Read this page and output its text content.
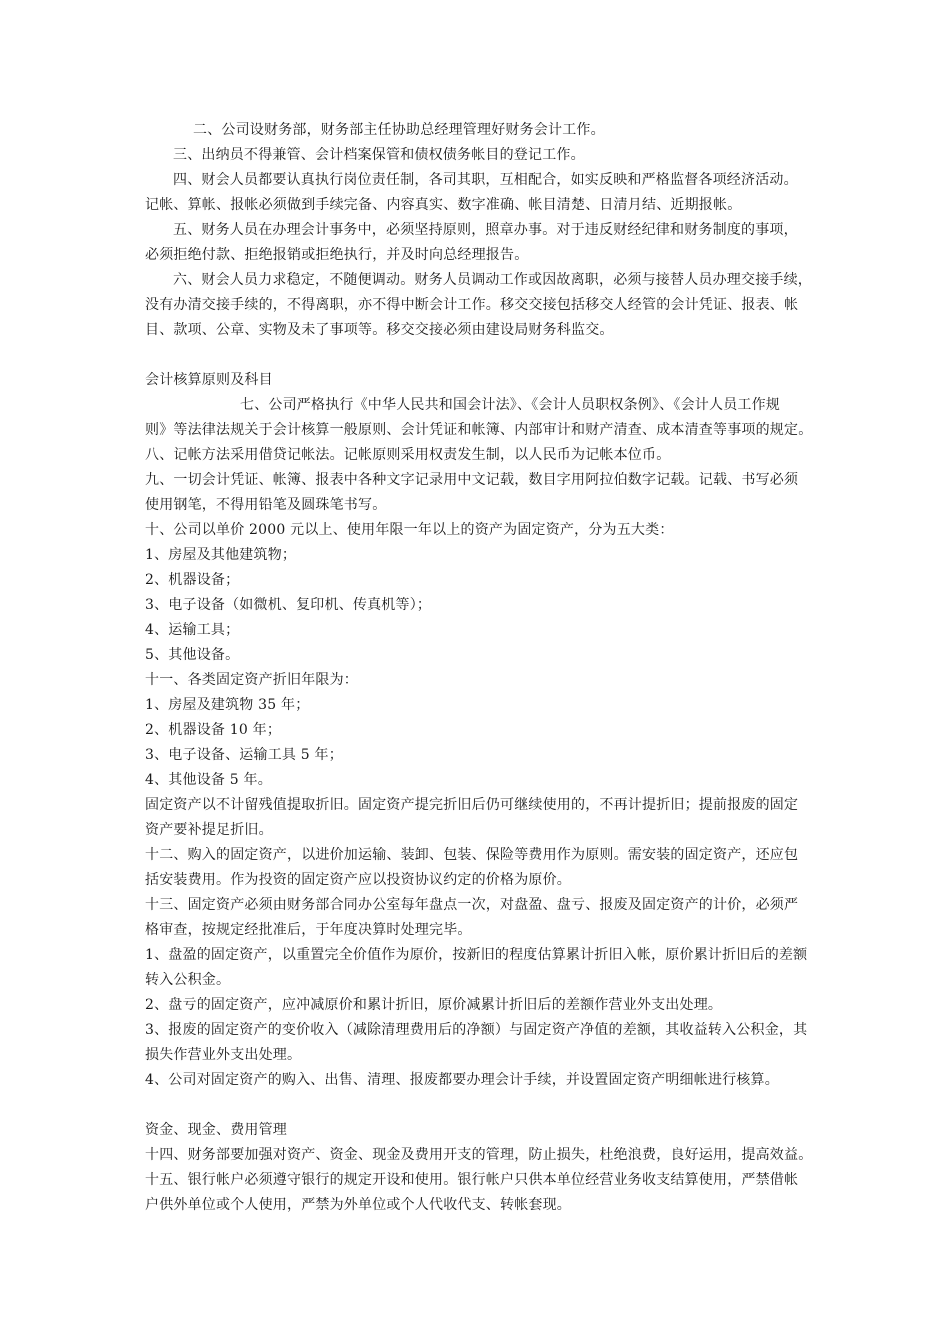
二、公司设财务部，财务部主任协助总经理管理好财务会计工作。
三、出纳员不得兼管、会计档案保管和债权债务帐目的登记工作。
四、财会人员都要认真执行岗位责任制，各司其职，互相配合，如实反映和严格监督各项经济活动。
记帐、算帐、报帐必须做到手续完备、内容真实、数字准确、帐目清楚、日清月结、近期报帐。
五、财务人员在办理会计事务中，必须坚持原则，照章办事。对于违反财经纪律和财务制度的事项，
必须拒绝付款、拒绝报销或拒绝执行，并及时向总经理报告。
六、财会人员力求稳定，不随便调动。财务人员调动工作或因故离职，必须与接替人员办理交接手续，
没有办清交接手续的，不得离职，亦不得中断会计工作。移交交接包括移交人经管的会计凭证、报表、帐
目、款项、公章、实物及未了事项等。移交交接必须由建设局财务科监交。
会计核算原则及科目
七、公司严格执行《中华人民共和国会计法》、《会计人员职权条例》、《会计人员工作规
则》等法律法规关于会计核算一般原则、会计凭证和帐簿、内部审计和财产清查、成本清查等事项的规定。
八、记帐方法采用借贷记帐法。记帐原则采用权责发生制，以人民币为记帐本位币。
九、一切会计凭证、帐簿、报表中各种文字记录用中文记载，数目字用阿拉伯数字记载。记载、书写必须
使用钢笔，不得用铅笔及圆珠笔书写。
十、公司以单价 2000 元以上、使用年限一年以上的资产为固定资产，分为五大类：
1、房屋及其他建筑物；
2、机器设备；
3、电子设备（如微机、复印机、传真机等）；
4、运输工具；
5、其他设备。
十一、各类固定资产折旧年限为：
1、房屋及建筑物 35 年；
2、机器设备 10 年；
3、电子设备、运输工具 5 年；
4、其他设备 5 年。
固定资产以不计留残值提取折旧。固定资产提完折旧后仍可继续使用的，不再计提折旧；提前报废的固定
资产要补提足折旧。
十二、购入的固定资产，以进价加运输、装卸、包装、保险等费用作为原则。需安装的固定资产，还应包
括安装费用。作为投资的固定资产应以投资协议约定的价格为原价。
十三、固定资产必须由财务部合同办公室每年盘点一次，对盘盈、盘亏、报废及固定资产的计价，必须严
格审查，按规定经批准后，于年度决算时处理完毕。
1、盘盈的固定资产，以重置完全价值作为原价，按新旧的程度估算累计折旧入帐，原价累计折旧后的差额
转入公积金。
2、盘亏的固定资产，应冲减原价和累计折旧，原价减累计折旧后的差额作营业外支出处理。
3、报废的固定资产的变价收入（减除清理费用后的净额）与固定资产净值的差额，其收益转入公积金，其
损失作营业外支出处理。
4、公司对固定资产的购入、出售、清理、报废都要办理会计手续，并设置固定资产明细帐进行核算。
资金、现金、费用管理
十四、财务部要加强对资产、资金、现金及费用开支的管理，防止损失，杜绝浪费，良好运用，提高效益。
十五、银行帐户必须遵守银行的规定开设和使用。银行帐户只供本单位经营业务收支结算使用，严禁借帐
户供外单位或个人使用，严禁为外单位或个人代收代支、转帐套现。
